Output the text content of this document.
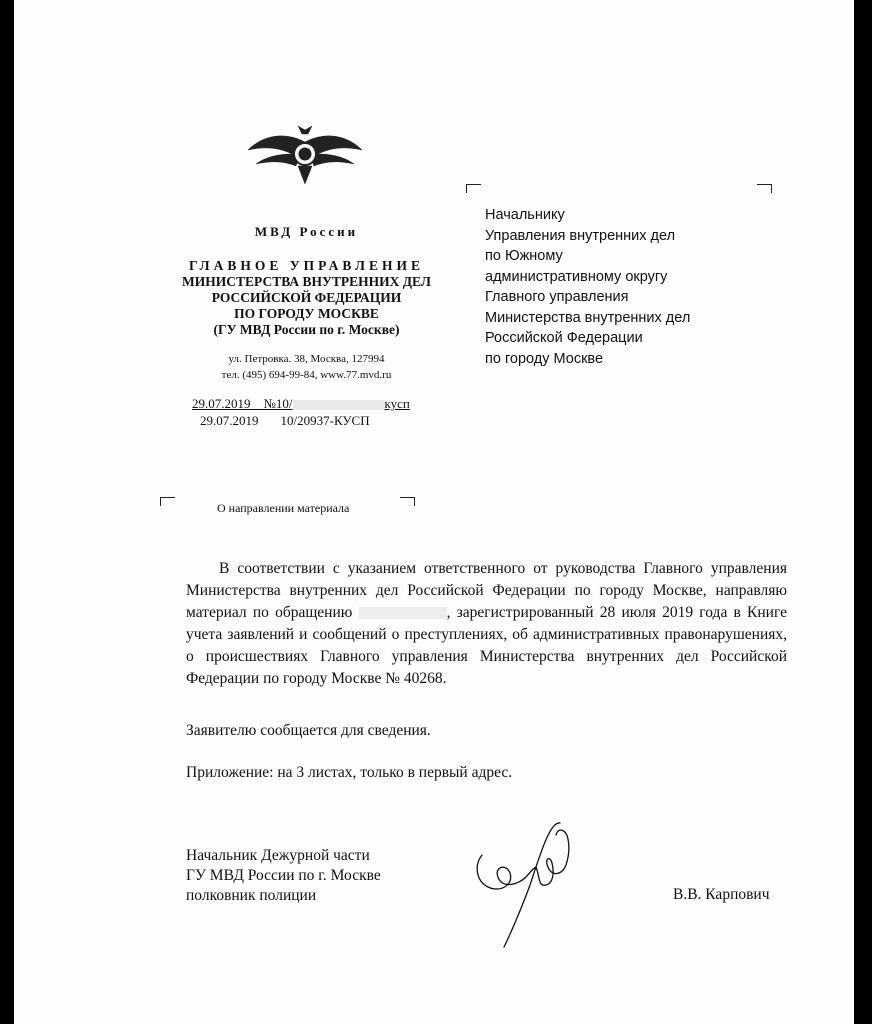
МВД России
ГЛАВНОЕ УПРАВЛЕНИЕ
МИНИСТЕРСТВА ВНУТРЕННИХ ДЕЛ
РОССИЙСКОЙ ФЕДЕРАЦИИ
ПО ГОРОДУ МОСКВЕ
(ГУ МВД России по г. Москве)
ул. Петровка. 38, Москва, 127994
тел. (495) 694-99-84, www.77.mvd.ru
29.07.2019 №10/	кусп
29.07.2019 10/20937-КУСП
Начальнику
Управления внутренних дел
по Южному
административному округу
Главного управления
Министерства внутренних дел
Российской Федерации
по городу Москве
О направлении материала
В соответствии с указанием ответственного от руководства Главного управления Министерства внутренних дел Российской Федерации по городу Москве, направляю материал по обращению	, зарегистрированный 28 июля 2019 года в Книге учета заявлений и сообщений о преступлениях, об административных правонарушениях, о происшествиях Главного управления Министерства внутренних дел Российской Федерации по городу Москве № 40268.
Заявителю сообщается для сведения.
Приложение: на 3 листах, только в первый адрес.
Начальник Дежурной части
ГУ МВД России по г. Москве
полковник полиции	В.В. Карпович
